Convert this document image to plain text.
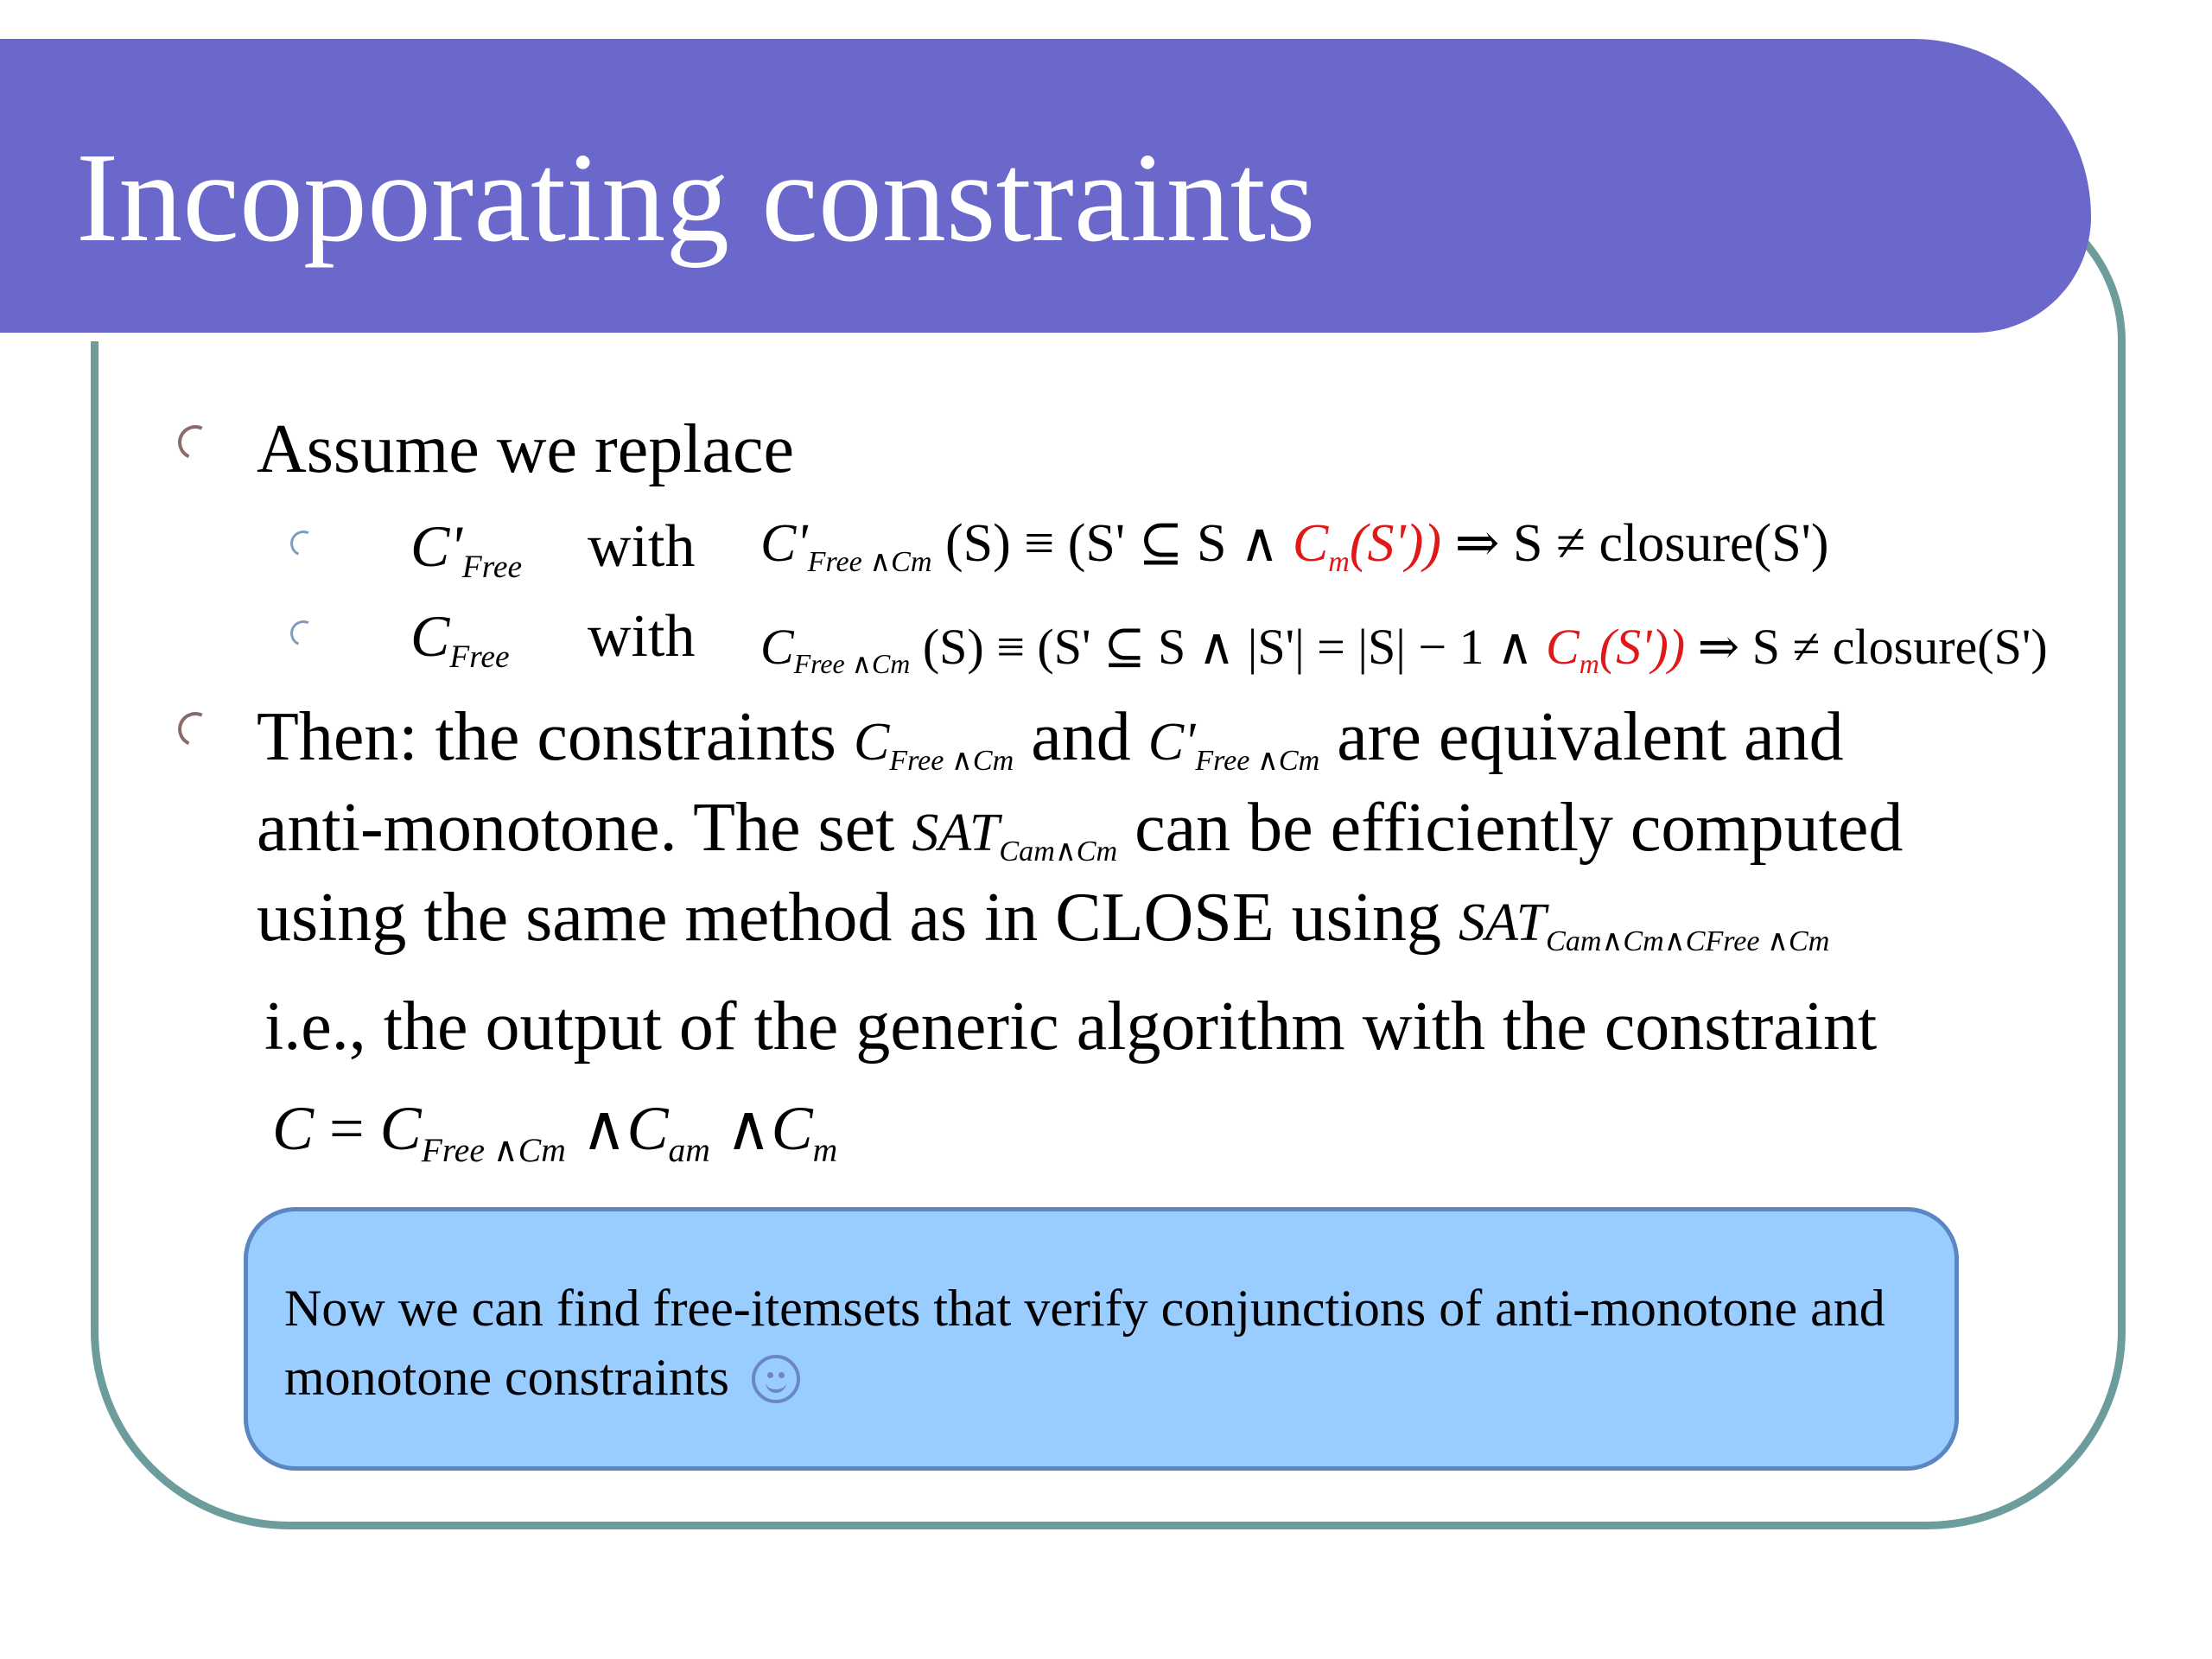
Incoporating constraints
Assume we replace
C'Free with C'Free ∧Cm (S) ≡ (S' ⊆ S ∧ Cm(S')) ⇒ S ≠ closure(S')
CFree with CFree ∧Cm (S) ≡ (S' ⊆ S ∧ |S'| = |S| − 1 ∧ Cm(S')) ⇒ S ≠ closure(S')
Then: the constraints CFree ∧Cm and C'Free ∧Cm are equivalent and
anti-monotone. The set SATCam∧Cm can be efficiently computed
using the same method as in CLOSE using SATCam∧Cm∧CFree ∧Cm
i.e., the output of the generic algorithm with the constraint
C = CFree ∧Cm ∧Cam ∧Cm
Now we can find free-itemsets that verify conjunctions of anti-monotone and monotone constraints
